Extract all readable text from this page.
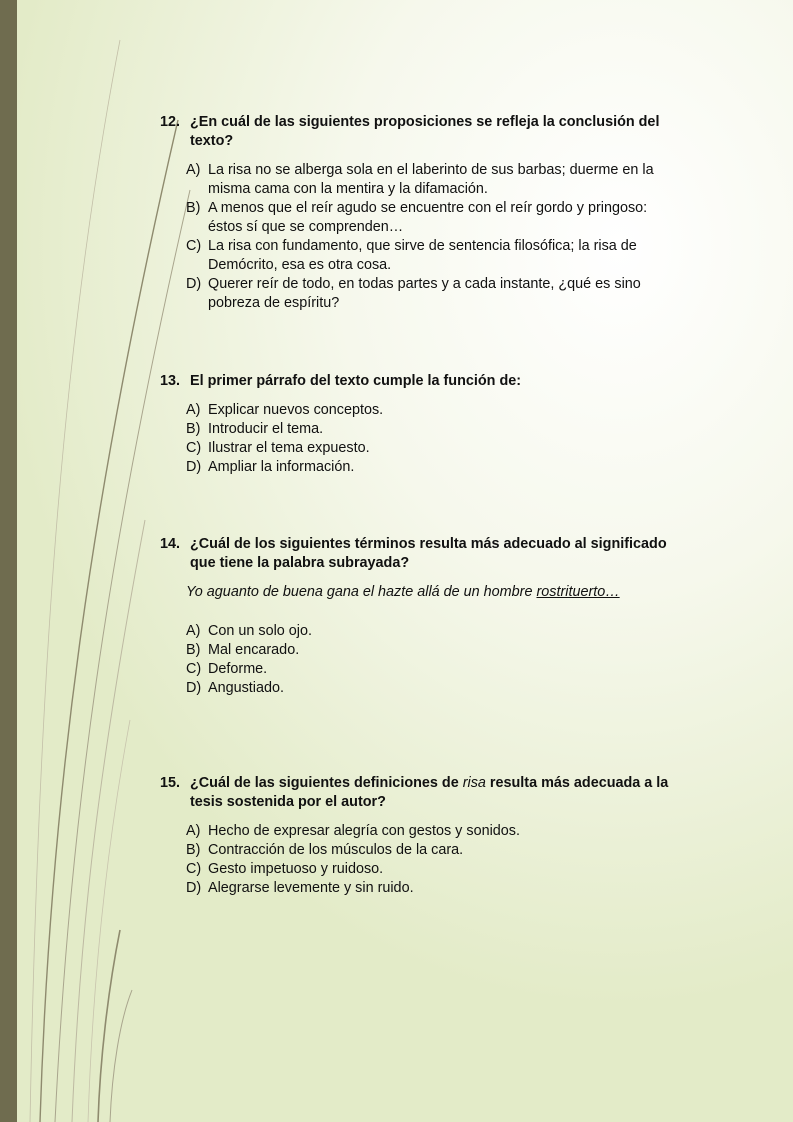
12. ¿En cuál de las siguientes proposiciones se refleja la conclusión del texto?
A) La risa no se alberga sola en el laberinto de sus barbas; duerme en la misma cama con la mentira y la difamación.
B) A menos que el reír agudo se encuentre con el reír gordo y pringoso: éstos sí que se comprenden…
C) La risa con fundamento, que sirve de sentencia filosófica; la risa de Demócrito, esa es otra cosa.
D) Querer reír de todo, en todas partes y a cada instante, ¿qué es sino pobreza de espíritu?
13. El primer párrafo del texto cumple la función de:
A) Explicar nuevos conceptos.
B) Introducir el tema.
C) Ilustrar el tema expuesto.
D) Ampliar la información.
14. ¿Cuál de los siguientes términos resulta más adecuado al significado que tiene la palabra subrayada?
Yo aguanto de buena gana el hazte allá de un hombre rostrituerto…
A) Con un solo ojo.
B) Mal encarado.
C) Deforme.
D) Angustiado.
15. ¿Cuál de las siguientes definiciones de risa resulta más adecuada a la tesis sostenida por el autor?
A) Hecho de expresar alegría con gestos y sonidos.
B) Contracción de los músculos de la cara.
C) Gesto impetuoso y ruidoso.
D) Alegrarse levemente y sin ruido.
